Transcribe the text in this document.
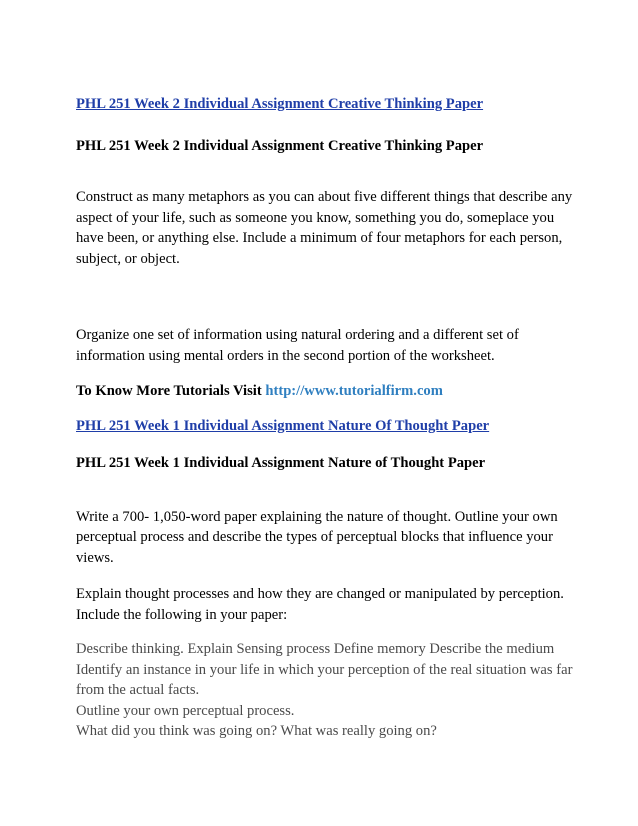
PHL 251 Week 2 Individual Assignment Creative Thinking Paper

PHL 251 Week 2 Individual Assignment Creative Thinking Paper

Construct as many metaphors as you can about five different things that describe any aspect of your life, such as someone you know, something you do, someplace you have been, or anything else. Include a minimum of four metaphors for each person, subject, or object.

Organize one set of information using natural ordering and a different set of information using mental orders in the second portion of the worksheet.

To Know More Tutorials Visit http://www.tutorialfirm.com

PHL 251 Week 1 Individual Assignment Nature Of Thought Paper

PHL 251 Week 1 Individual Assignment Nature of Thought Paper

Write a 700- 1,050-word paper explaining the nature of thought. Outline your own perceptual process and describe the types of perceptual blocks that influence your views.

Explain thought processes and how they are changed or manipulated by perception. Include the following in your paper:

Describe thinking. Explain Sensing process Define memory Describe the medium
Identify an instance in your life in which your perception of the real situation was far from the actual facts.
Outline your own perceptual process.
What did you think was going on? What was really going on?
